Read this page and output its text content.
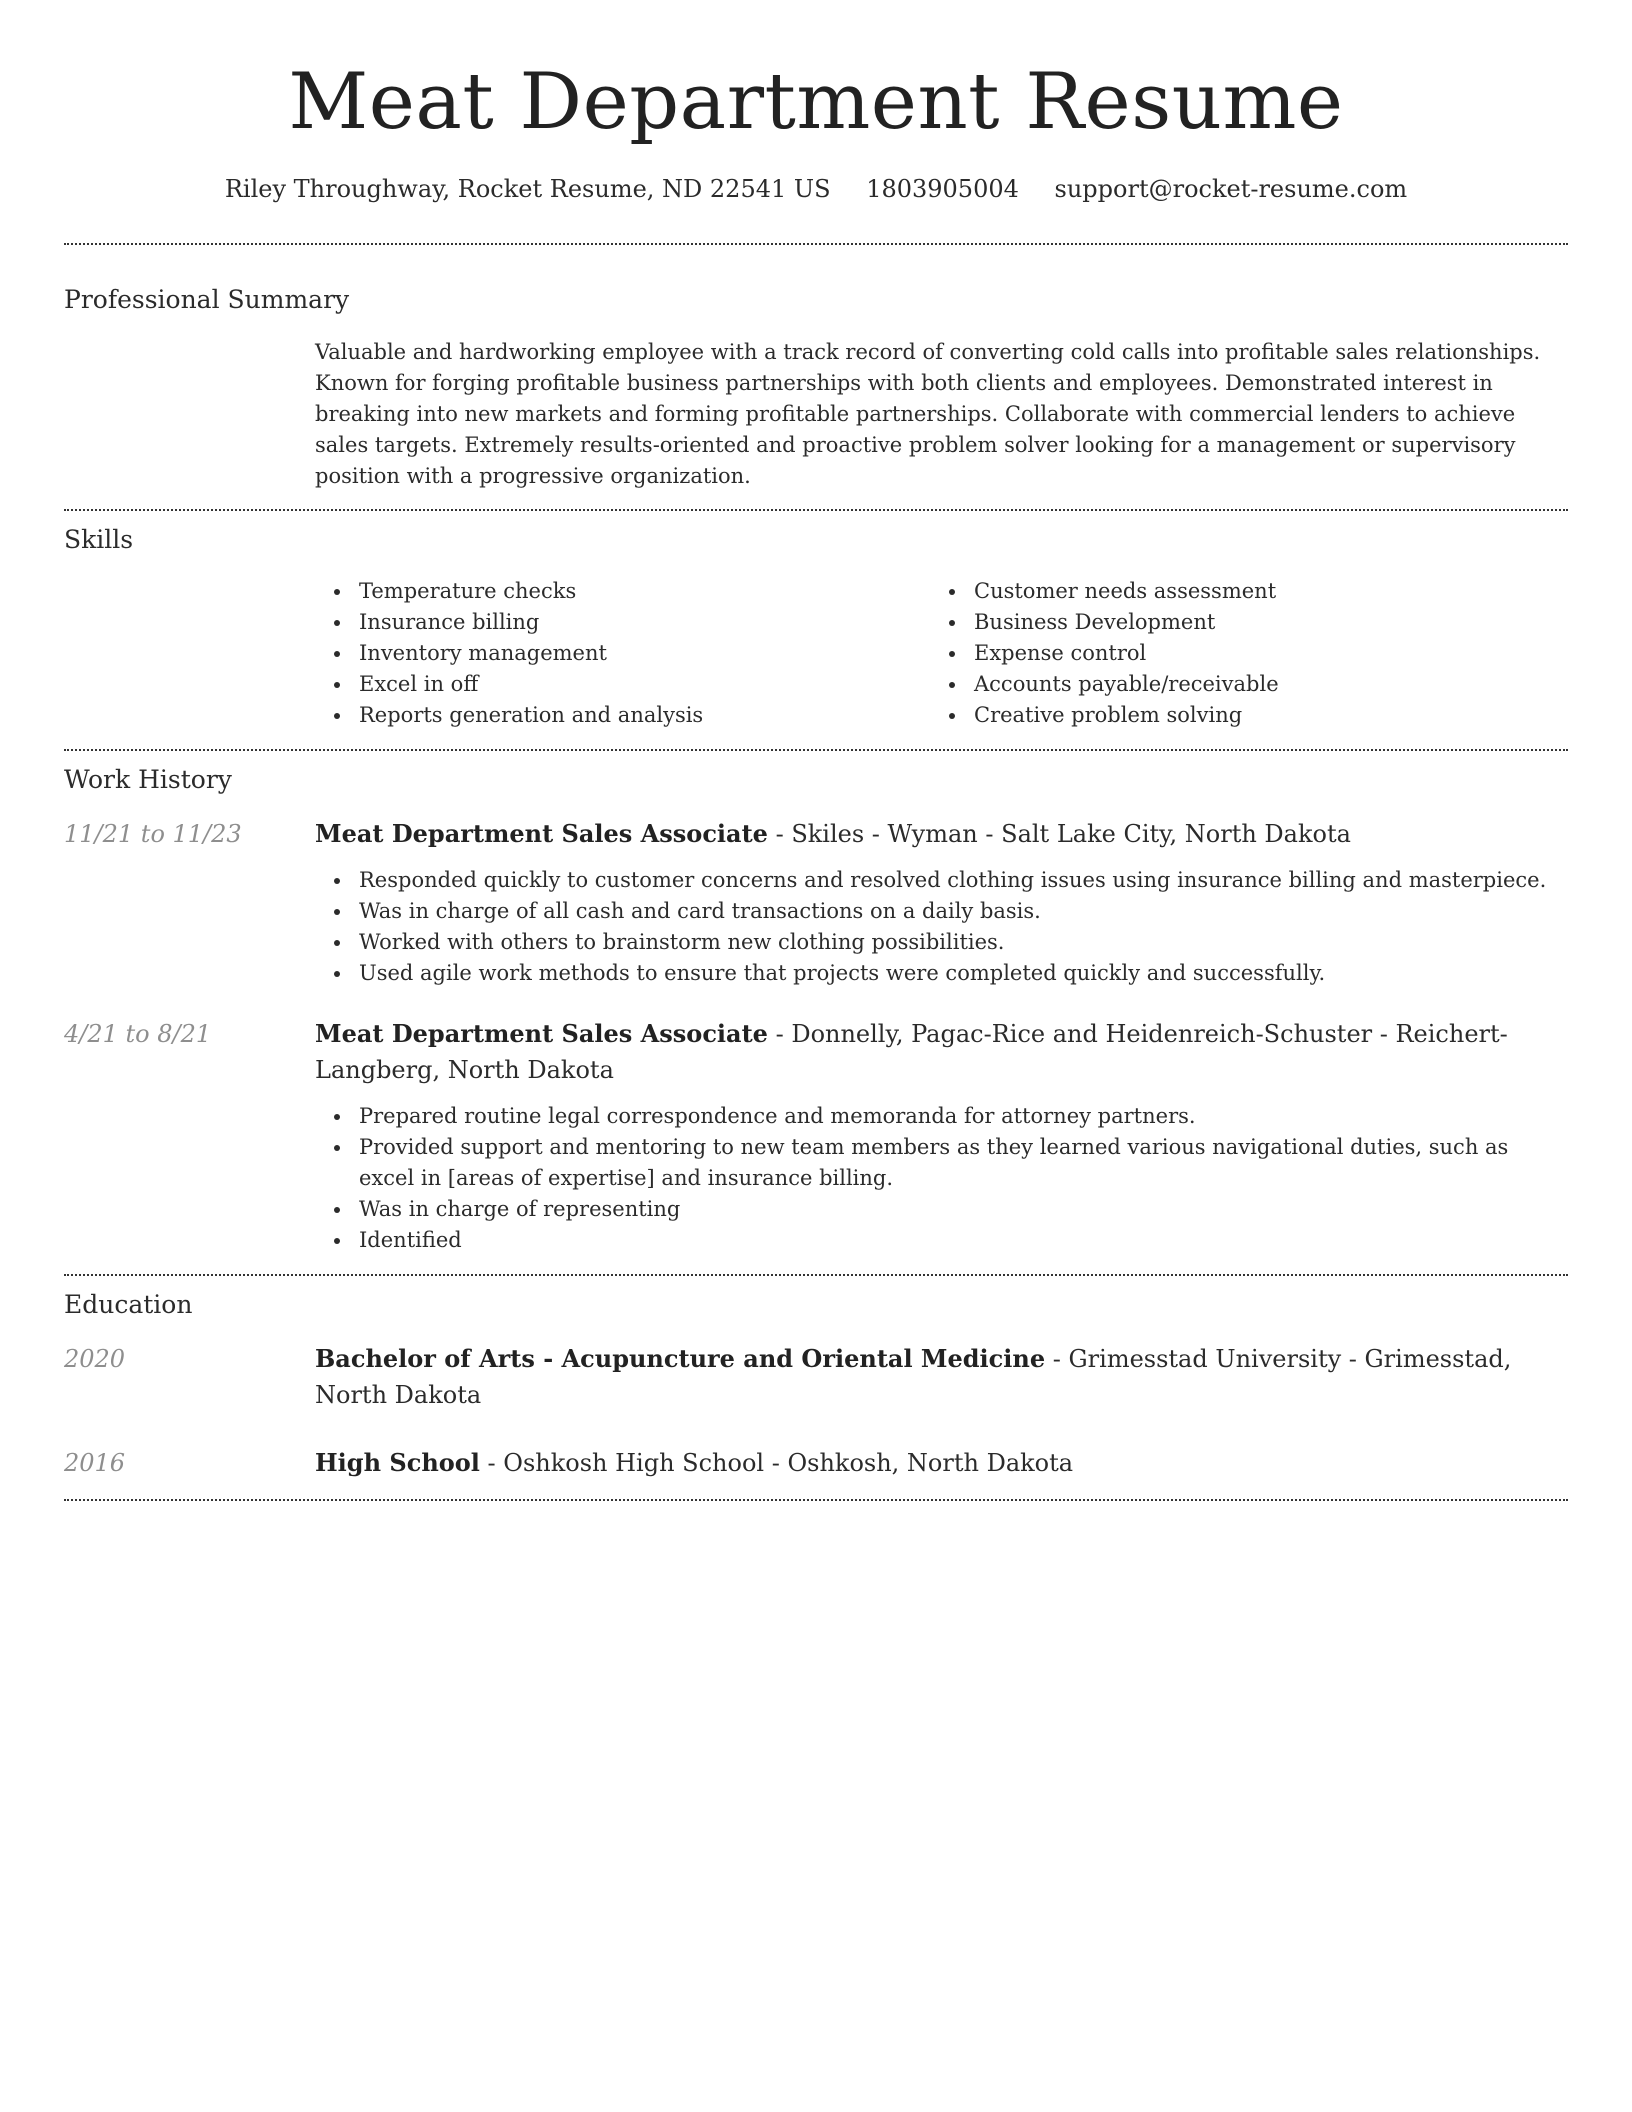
Meat Department Resume
Riley Throughway, Rocket Resume, ND 22541 US 1803905004 support@rocket-resume.com
Professional Summary

Valuable and hardworking employee with a track record of converting cold calls into profitable sales relationships. Known for forging profitable business partnerships with both clients and employees. Demonstrated interest in breaking into new markets and forming profitable partnerships. Collaborate with commercial lenders to achieve sales targets. Extremely results-oriented and proactive problem solver looking for a management or supervisory position with a progressive organization.

Skills
Temperature checks
Insurance billing
Inventory management
Excel in off
Reports generation and analysis
Customer needs assessment
Business Development
Expense control
Accounts payable/receivable
Creative problem solving
Work History
11/21 to 11/23	Meat Department Sales Associate - Skiles - Wyman - Salt Lake City, North Dakota
Responded quickly to customer concerns and resolved clothing issues using insurance billing and masterpiece.
Was in charge of all cash and card transactions on a daily basis.
Worked with others to brainstorm new clothing possibilities.
Used agile work methods to ensure that projects were completed quickly and successfully.
4/21 to 8/21	Meat Department Sales Associate - Donnelly, Pagac-Rice and Heidenreich-Schuster - Reichert-Langberg, North Dakota
Prepared routine legal correspondence and memoranda for attorney partners.
Provided support and mentoring to new team members as they learned various navigational duties, such as excel in [areas of expertise] and insurance billing.
Was in charge of representing
Identified
Education
2020	Bachelor of Arts - Acupuncture and Oriental Medicine - Grimesstad University - Grimesstad, North Dakota
2016	High School - Oshkosh High School - Oshkosh, North Dakota
